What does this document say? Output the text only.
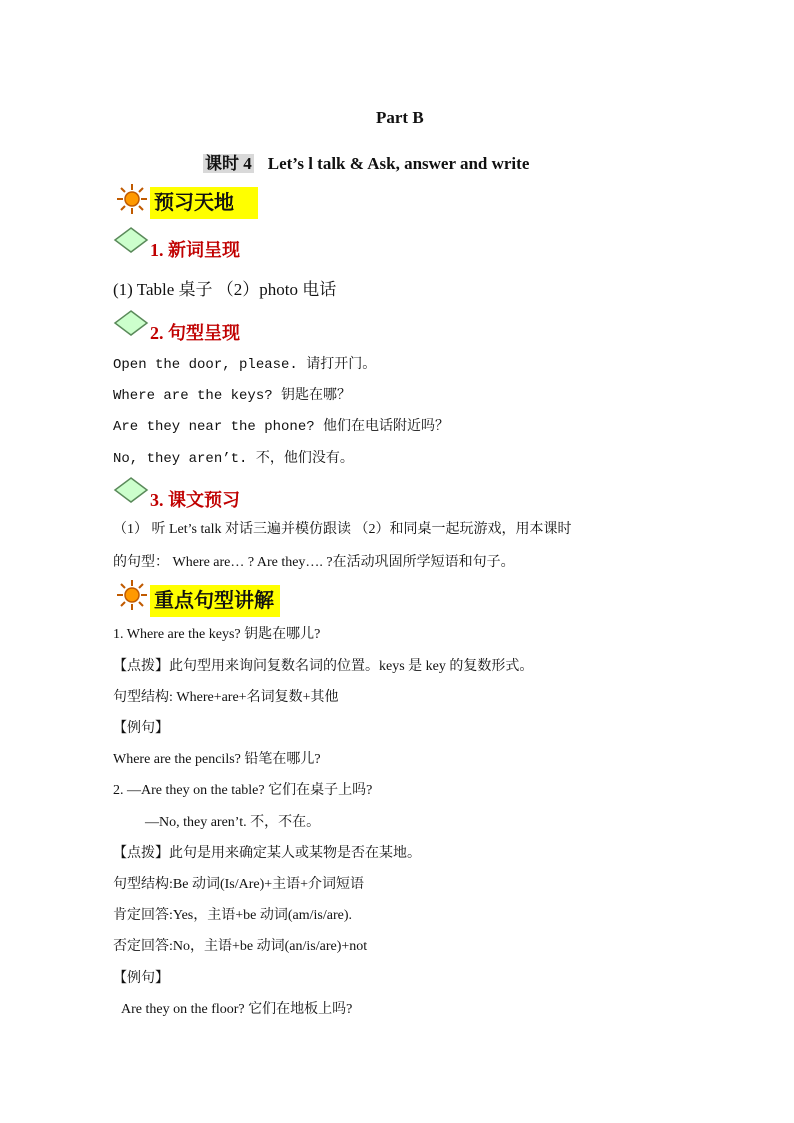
Part B
课时 4 Let’s l talk & Ask, answer and write
预习天地
1. 新词呈现
(1) Table 桌子 （2）photo 电话
2. 句型呈现
Open the door, please. 请打开门。
Where are the keys? 钥匙在哪？
Are they near the phone? 他们在电话附近吗？
No, they aren’t. 不，他们没有。
3. 课文预习
（1） 听 Let’s talk 对话三遍并模仿跟读 （2）和同桌一起玩游戏，用本课时
的句型： Where are… ? Are they…. ?在活动巩固所学短语和句子。
重点句型讲解
1. Where are the keys? 钥匙在哪儿?
【点拨】此句型用来询问复数名词的位置。keys 是 key 的复数形式。
句型结构: Where+are+名词复数+其他
【例句】
Where are the pencils? 铅笔在哪儿?
2. —Are they on the table? 它们在桌子上吗?
—No, they aren’t. 不，不在。
【点拨】此句是用来确定某人或某物是否在某地。
句型结构:Be 动词(Is/Are)+主语+介词短语
肯定回答:Yes，主语+be 动词(am/is/are).
否定回答:No，主语+be 动词(an/is/are)+not
【例句】
Are they on the floor? 它们在地板上吗?
